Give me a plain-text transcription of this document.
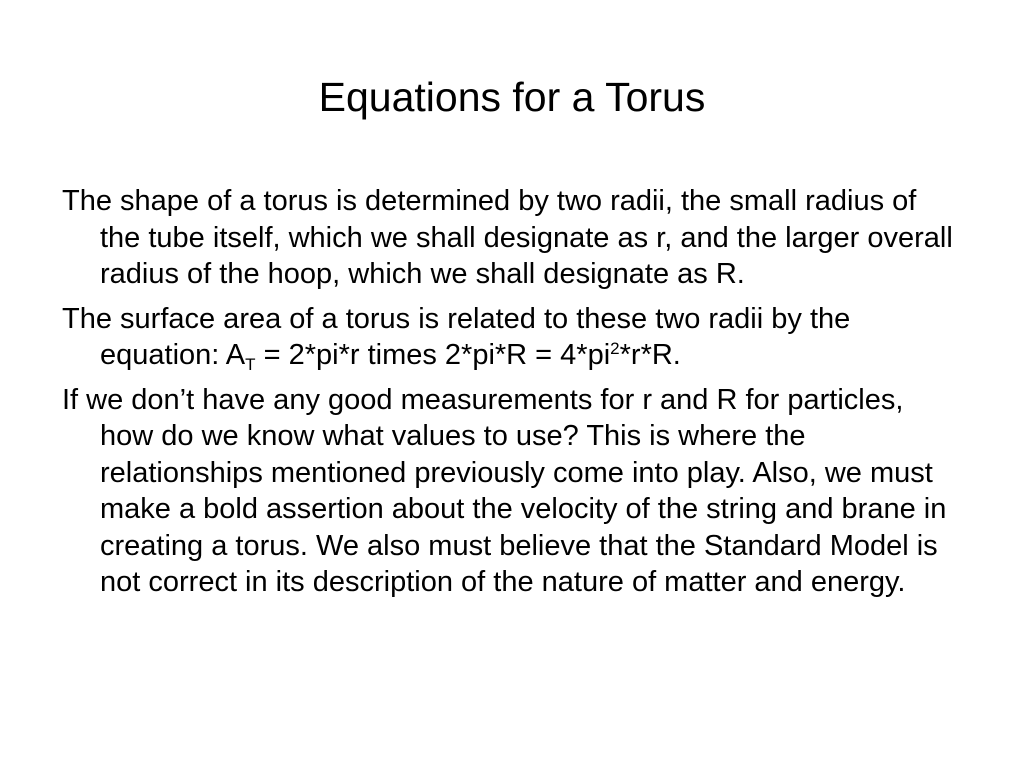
Equations for a Torus

The shape of a torus is determined by two radii, the small radius of the tube itself, which we shall designate as r, and the larger overall radius of the hoop, which we shall designate as R.

The surface area of a torus is related to these two radii by the equation: $A_T = 2*pi*r$ times $2*pi*R = 4*pi^2*r*R$.

If we don’t have any good measurements for r and R for particles, how do we know what values to use? This is where the relationships mentioned previously come into play. Also, we must make a bold assertion about the velocity of the string and brane in creating a torus. We also must believe that the Standard Model is not correct in its description of the nature of matter and energy.
